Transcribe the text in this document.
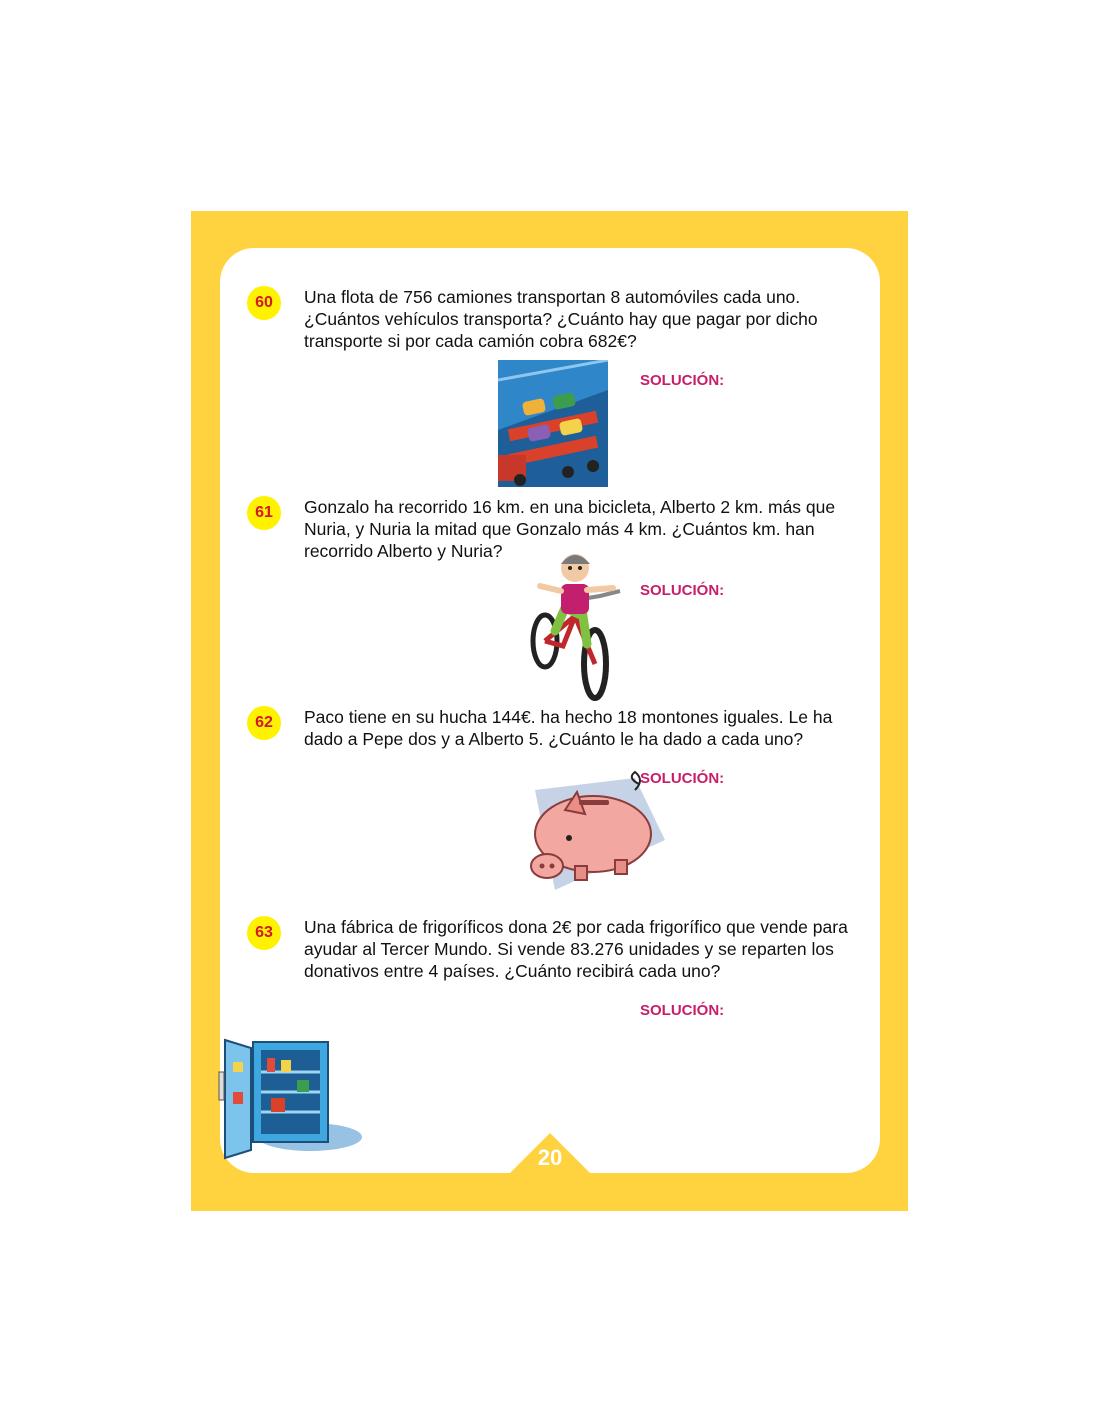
20
60	Una flota de 756 camiones transportan 8 automóviles cada uno. ¿Cuántos vehículos transporta? ¿Cuánto hay que pagar por dicho transporte si por cada camión cobra 682€?

SOLUCIÓN:
61	Gonzalo ha recorrido 16 km. en una bicicleta, Alberto 2 km. más que Nuria, y Nuria la mitad que Gonzalo más 4 km. ¿Cuántos km. han recorrido Alberto y Nuria?

SOLUCIÓN:
62	Paco tiene en su hucha 144€. ha hecho 18 montones iguales. Le ha dado a Pepe dos y a Alberto 5. ¿Cuánto le ha dado a cada uno?

SOLUCIÓN:
63	Una fábrica de frigoríficos dona 2€ por cada frigorífico que vende para ayudar al Tercer Mundo. Si vende 83.276 unidades y se reparten los donativos entre 4 países. ¿Cuánto recibirá cada uno?

SOLUCIÓN:
